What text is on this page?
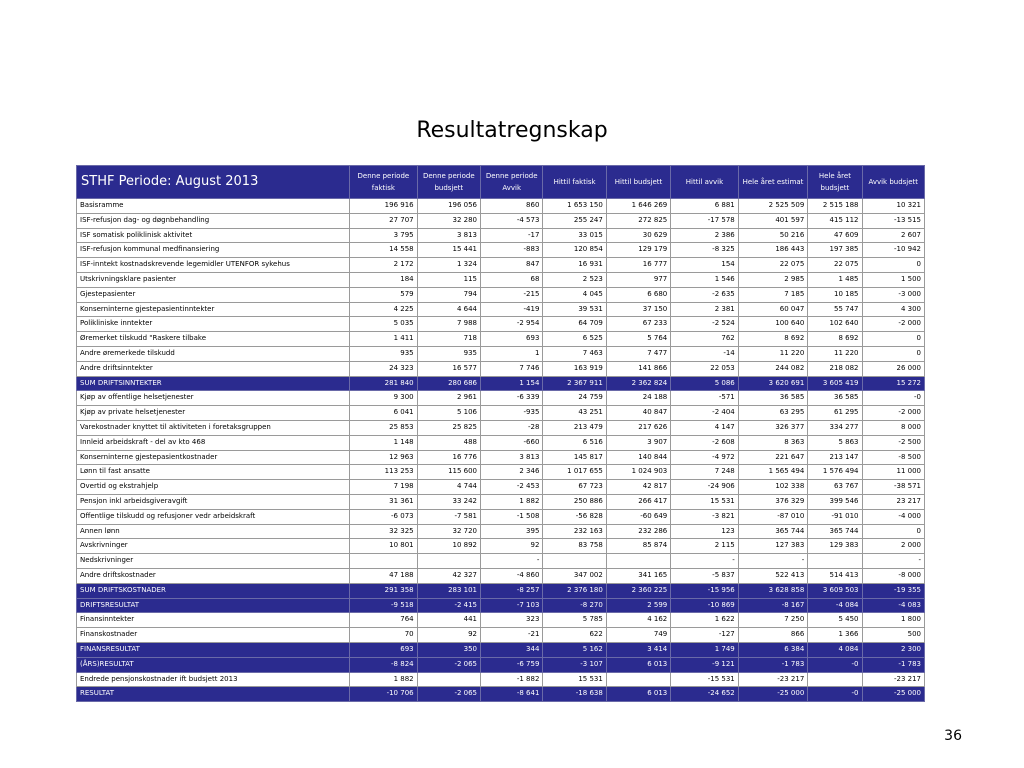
Resultatregnskap
STHF Periode: August 2013	Denne periode faktisk	Denne periode budsjett	Denne periode Avvik	Hittil faktisk	Hittil budsjett	Hittil avvik	Hele året estimat	Hele året budsjett	Avvik budsjett
Basisramme	196 916	196 056	860	1 653 150	1 646 269	6 881	2 525 509	2 515 188	10 321
ISF-refusjon dag- og døgnbehandling	27 707	32 280	-4 573	255 247	272 825	-17 578	401 597	415 112	-13 515
ISF somatisk poliklinisk aktivitet	3 795	3 813	-17	33 015	30 629	2 386	50 216	47 609	2 607
ISF-refusjon kommunal medfinansiering	14 558	15 441	-883	120 854	129 179	-8 325	186 443	197 385	-10 942
ISF-inntekt kostnadskrevende legemidler UTENFOR sykehus	2 172	1 324	847	16 931	16 777	154	22 075	22 075	0
Utskrivningsklare pasienter	184	115	68	2 523	977	1 546	2 985	1 485	1 500
Gjestepasienter	579	794	-215	4 045	6 680	-2 635	7 185	10 185	-3 000
Konserninterne gjestepasientinntekter	4 225	4 644	-419	39 531	37 150	2 381	60 047	55 747	4 300
Polikliniske inntekter	5 035	7 988	-2 954	64 709	67 233	-2 524	100 640	102 640	-2 000
Øremerket tilskudd "Raskere tilbake	1 411	718	693	6 525	5 764	762	8 692	8 692	0
Andre øremerkede tilskudd	935	935	1	7 463	7 477	-14	11 220	11 220	0
Andre driftsinntekter	24 323	16 577	7 746	163 919	141 866	22 053	244 082	218 082	26 000
SUM DRIFTSINNTEKTER	281 840	280 686	1 154	2 367 911	2 362 824	5 086	3 620 691	3 605 419	15 272
Kjøp av offentlige helsetjenester	9 300	2 961	-6 339	24 759	24 188	-571	36 585	36 585	-0
Kjøp av private helsetjenester	6 041	5 106	-935	43 251	40 847	-2 404	63 295	61 295	-2 000
Varekostnader knyttet til aktiviteten i foretaksgruppen	25 853	25 825	-28	213 479	217 626	4 147	326 377	334 277	8 000
Innleid arbeidskraft - del av kto 468	1 148	488	-660	6 516	3 907	-2 608	8 363	5 863	-2 500
Konserninterne gjestepasientkostnader	12 963	16 776	3 813	145 817	140 844	-4 972	221 647	213 147	-8 500
Lønn til fast ansatte	113 253	115 600	2 346	1 017 655	1 024 903	7 248	1 565 494	1 576 494	11 000
Overtid og ekstrahjelp	7 198	4 744	-2 453	67 723	42 817	-24 906	102 338	63 767	-38 571
Pensjon inkl arbeidsgiveravgift	31 361	33 242	1 882	250 886	266 417	15 531	376 329	399 546	23 217
Offentlige tilskudd og refusjoner vedr arbeidskraft	-6 073	-7 581	-1 508	-56 828	-60 649	-3 821	-87 010	-91 010	-4 000
Annen lønn	32 325	32 720	395	232 163	232 286	123	365 744	365 744	0
Avskrivninger	10 801	10 892	92	83 758	85 874	2 115	127 383	129 383	2 000
Nedskrivninger			-			-	-		-
Andre driftskostnader	47 188	42 327	-4 860	347 002	341 165	-5 837	522 413	514 413	-8 000
SUM DRIFTSKOSTNADER	291 358	283 101	-8 257	2 376 180	2 360 225	-15 956	3 628 858	3 609 503	-19 355
DRIFTSRESULTAT	-9 518	-2 415	-7 103	-8 270	2 599	-10 869	-8 167	-4 084	-4 083
Finansinntekter	764	441	323	5 785	4 162	1 622	7 250	5 450	1 800
Finanskostnader	70	92	-21	622	749	-127	866	1 366	500
FINANSRESULTAT	693	350	344	5 162	3 414	1 749	6 384	4 084	2 300
(ÅRS)RESULTAT	-8 824	-2 065	-6 759	-3 107	6 013	-9 121	-1 783	-0	-1 783
Endrede pensjonskostnader ift budsjett 2013	1 882		-1 882	15 531		-15 531	-23 217		-23 217
RESULTAT	-10 706	-2 065	-8 641	-18 638	6 013	-24 652	-25 000	-0	-25 000
36
